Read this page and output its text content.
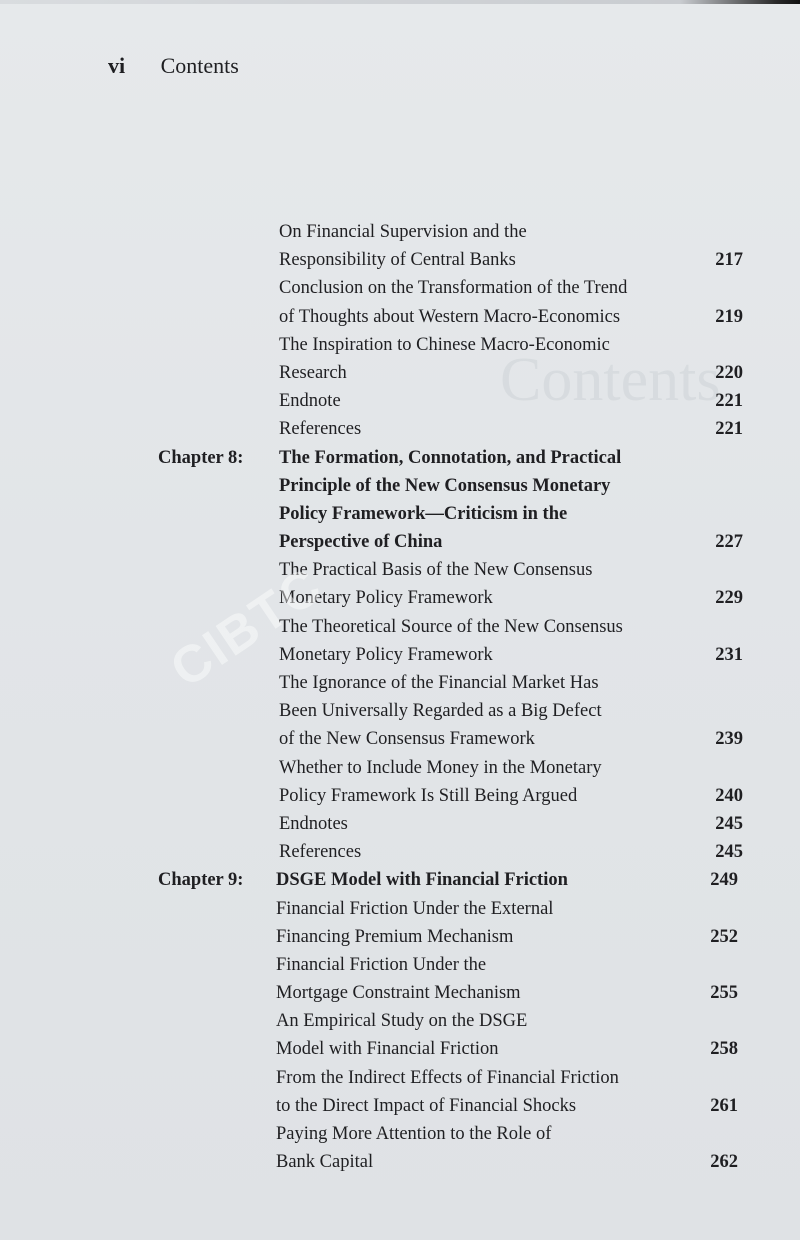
Contents
vi Contents
On Financial Supervision and the
Responsibility of Central Banks	217
Conclusion on the Transformation of the Trend
of Thoughts about Western Macro-Economics	219
The Inspiration to Chinese Macro-Economic
Research	220
Endnote	221
References	221
Chapter 8: The Formation, Connotation, and Practical
Principle of the New Consensus Monetary
Policy Framework—Criticism in the
Perspective of China	227
The Practical Basis of the New Consensus
Monetary Policy Framework	229
The Theoretical Source of the New Consensus
Monetary Policy Framework	231
The Ignorance of the Financial Market Has
Been Universally Regarded as a Big Defect
of the New Consensus Framework	239
Whether to Include Money in the Monetary
Policy Framework Is Still Being Argued	240
Endnotes	245
References	245
Chapter 9: DSGE Model with Financial Friction	249
Financial Friction Under the External
Financing Premium Mechanism	252
Financial Friction Under the
Mortgage Constraint Mechanism	255
An Empirical Study on the DSGE
Model with Financial Friction	258
From the Indirect Effects of Financial Friction
to the Direct Impact of Financial Shocks	261
Paying More Attention to the Role of
Bank Capital	262
CIBTC
